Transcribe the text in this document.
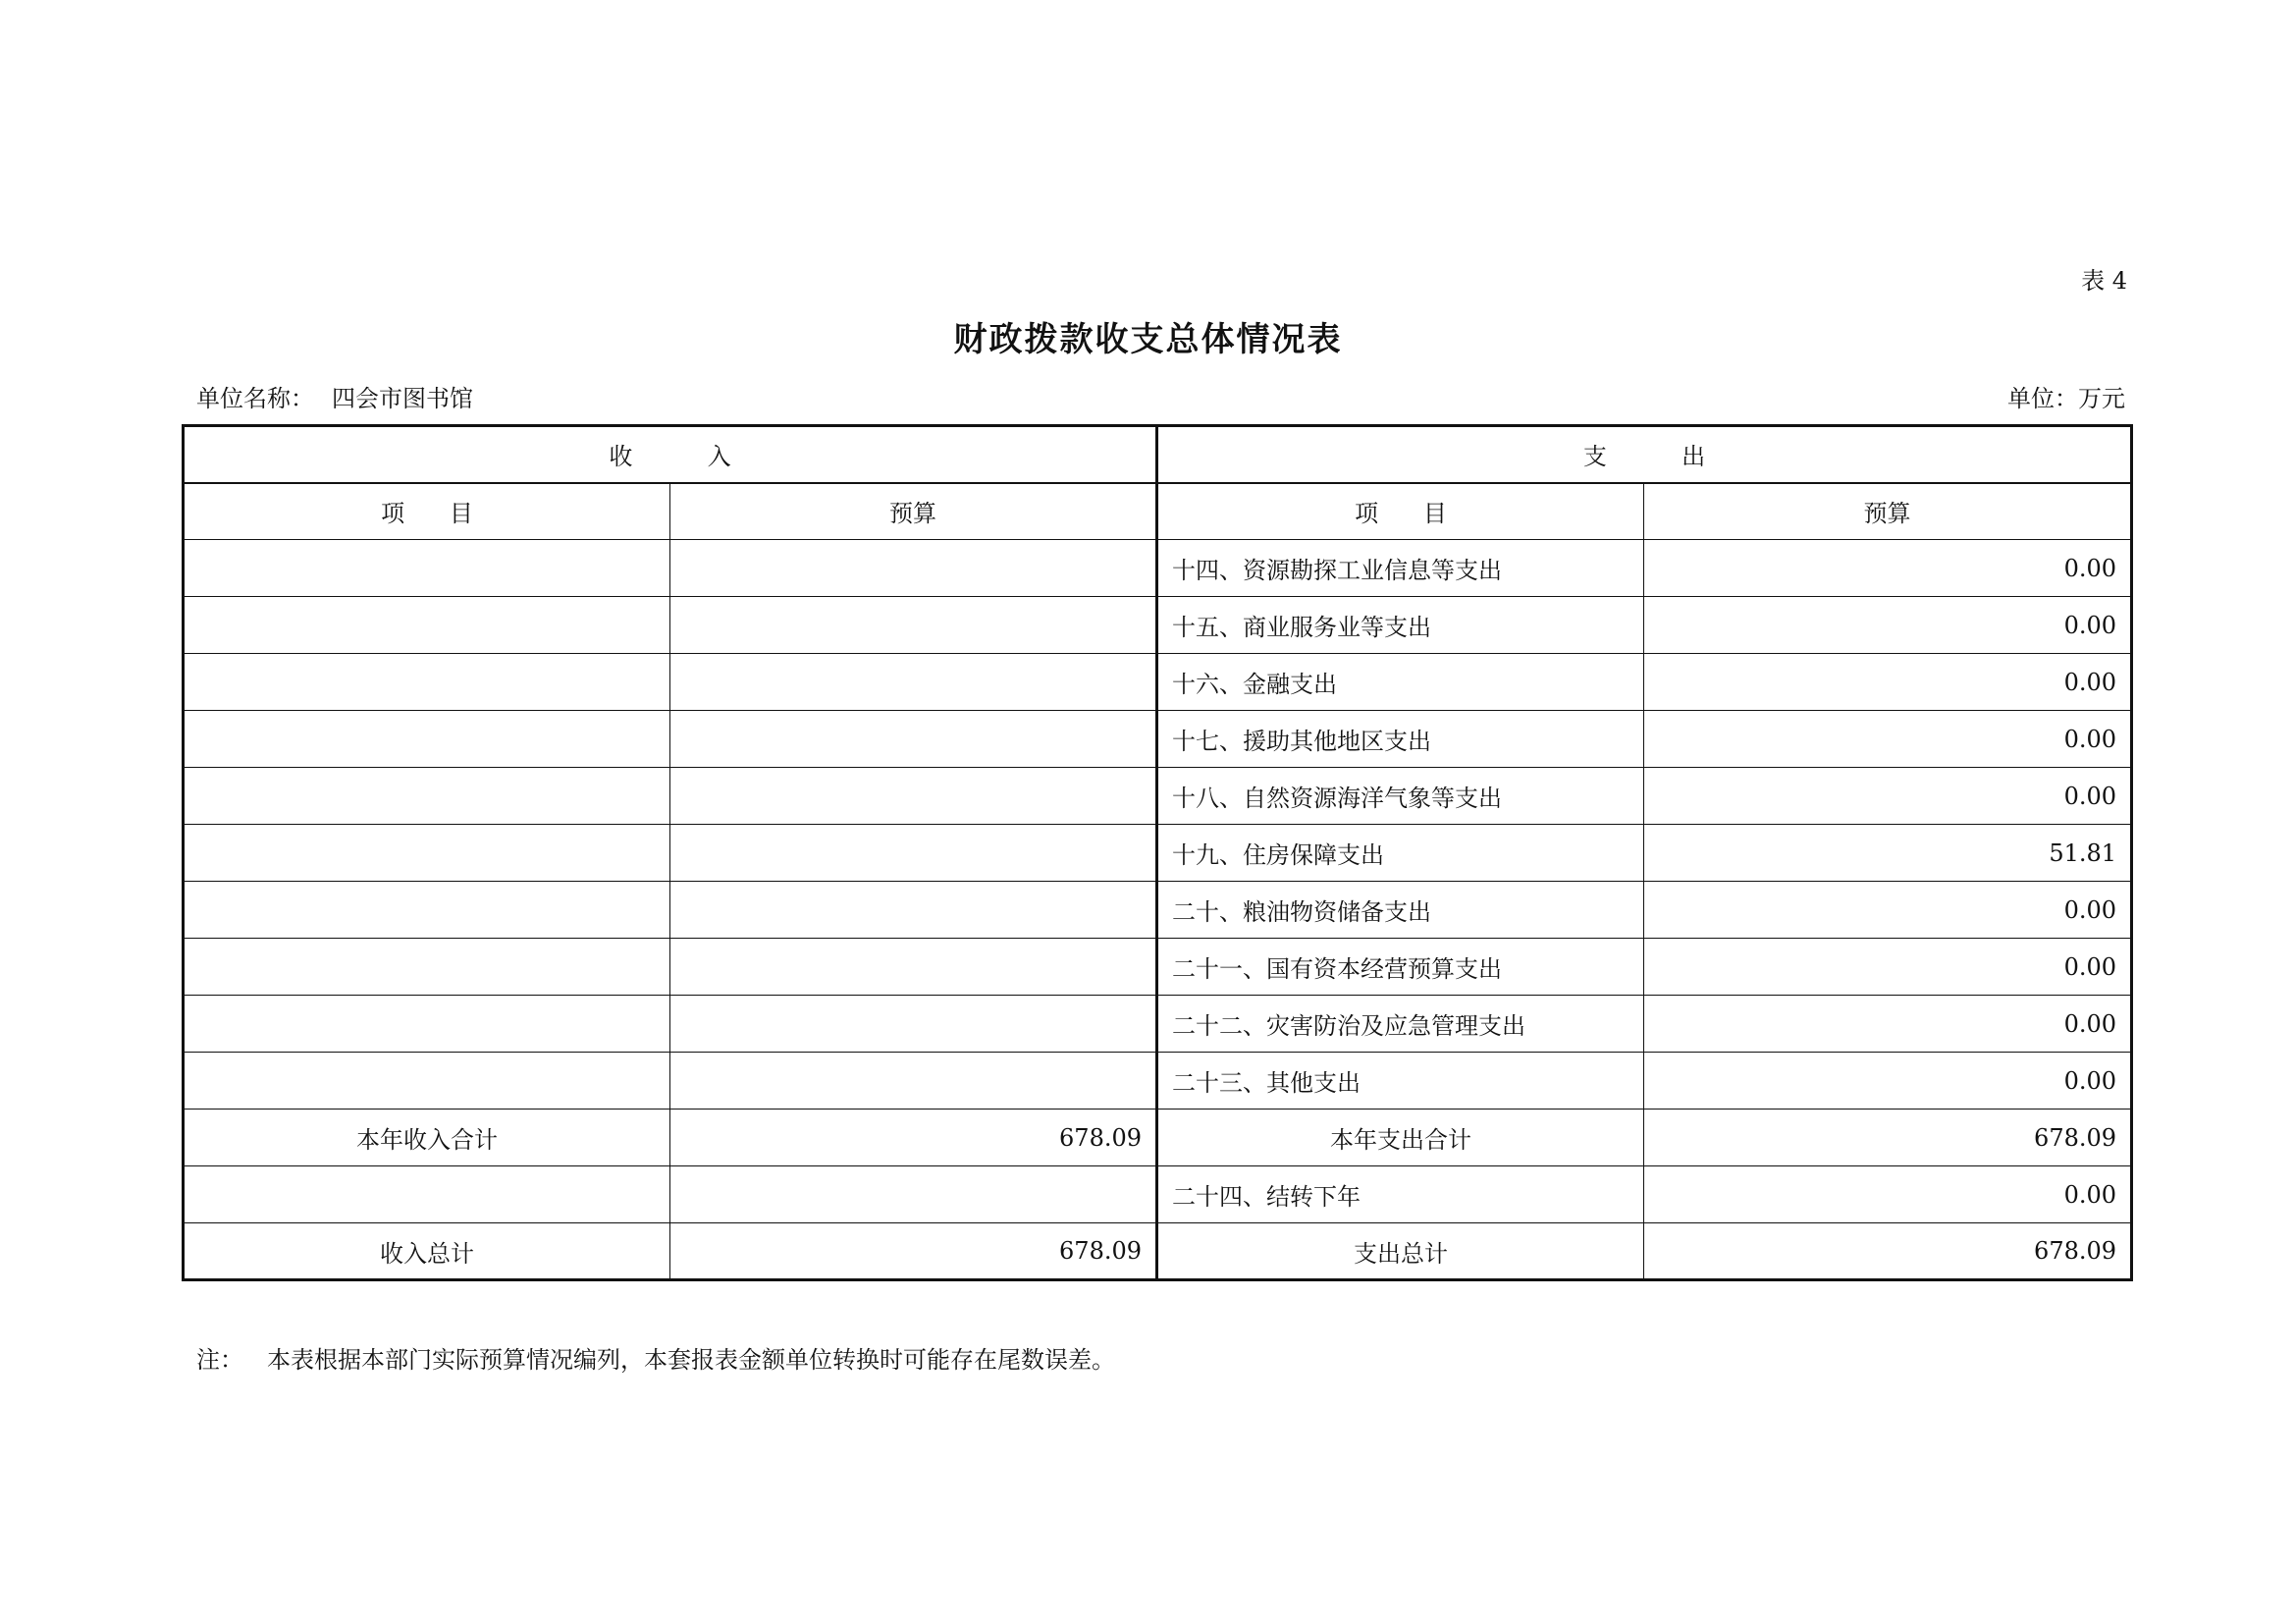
表 4
财政拨款收支总体情况表
单位名称： 四会市图书馆	单位：万元
收          入		支          出	
项      目	预算	项      目	预算
		十四、资源勘探工业信息等支出	0.00
		十五、商业服务业等支出	0.00
		十六、金融支出	0.00
		十七、援助其他地区支出	0.00
		十八、自然资源海洋气象等支出	0.00
		十九、住房保障支出	51.81
		二十、粮油物资储备支出	0.00
		二十一、国有资本经营预算支出	0.00
		二十二、灾害防治及应急管理支出	0.00
		二十三、其他支出	0.00
本年收入合计	678.09	本年支出合计	678.09
		二十四、结转下年	0.00
收入总计	678.09	支出总计	678.09
注： 本表根据本部门实际预算情况编列，本套报表金额单位转换时可能存在尾数误差。
